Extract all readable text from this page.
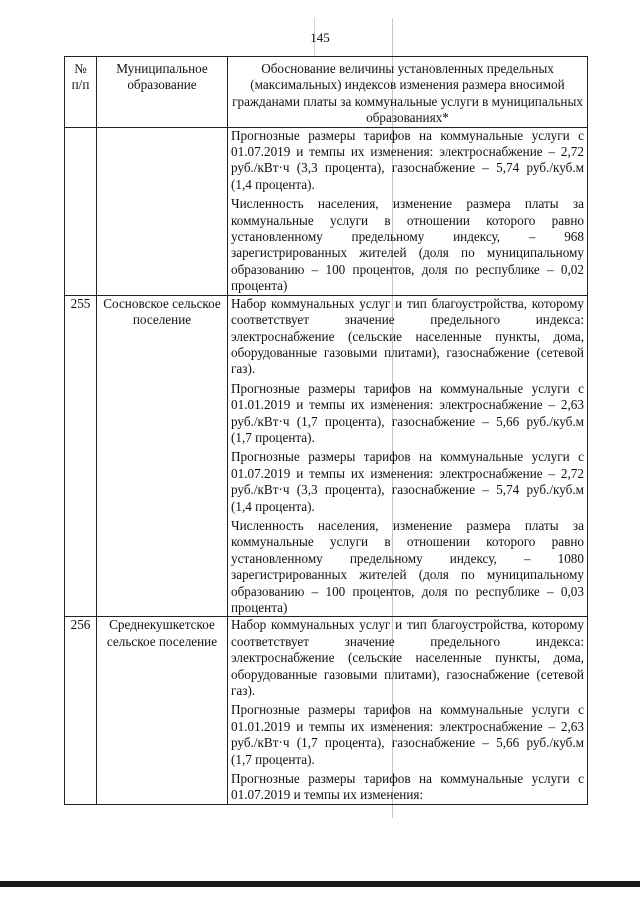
145
№ п/п	Муниципальное образование	Обоснование величины установленных предельных (максимальных) индексов изменения размера вносимой гражданами платы за коммунальные услуги в муниципальных образованиях*

		Прогнозные размеры тарифов на коммунальные услуги с 01.07.2019 и темпы их изменения: электроснабжение – 2,72 руб./кВт·ч (3,3 процента), газоснабжение – 5,74 руб./куб.м (1,4 процента).

Численность населения, изменение размера платы за коммунальные услуги в отношении которого равно установленному предельному индексу, – 968 зарегистрированных жителей (доля по муниципальному образованию – 100 процентов, доля по республике – 0,02 процента)

255	Сосновское сельское поселение	Набор коммунальных услуг и тип благоустройства, которому соответствует значение предельного индекса: электроснабжение (сельские населенные пункты, дома, оборудованные газовыми плитами), газоснабжение (сетевой газ).

Прогнозные размеры тарифов на коммунальные услуги с 01.01.2019 и темпы их изменения: электроснабжение – 2,63 руб./кВт·ч (1,7 процента), газоснабжение – 5,66 руб./куб.м (1,7 процента).

Прогнозные размеры тарифов на коммунальные услуги с 01.07.2019 и темпы их изменения: электроснабжение – 2,72 руб./кВт·ч (3,3 процента), газоснабжение – 5,74 руб./куб.м (1,4 процента).

Численность населения, изменение размера платы за коммунальные услуги в отношении которого равно установленному предельному индексу, – 1080 зарегистрированных жителей (доля по муниципальному образованию – 100 процентов, доля по республике – 0,03 процента)

256	Среднекушкетское сельское поселение	Набор коммунальных услуг и тип благоустройства, которому соответствует значение предельного индекса: электроснабжение (сельские населенные пункты, дома, оборудованные газовыми плитами), газоснабжение (сетевой газ).

Прогнозные размеры тарифов на коммунальные услуги с 01.01.2019 и темпы их изменения: электроснабжение – 2,63 руб./кВт·ч (1,7 процента), газоснабжение – 5,66 руб./куб.м (1,7 процента).

Прогнозные размеры тарифов на коммунальные услуги с 01.07.2019 и темпы их изменения:
